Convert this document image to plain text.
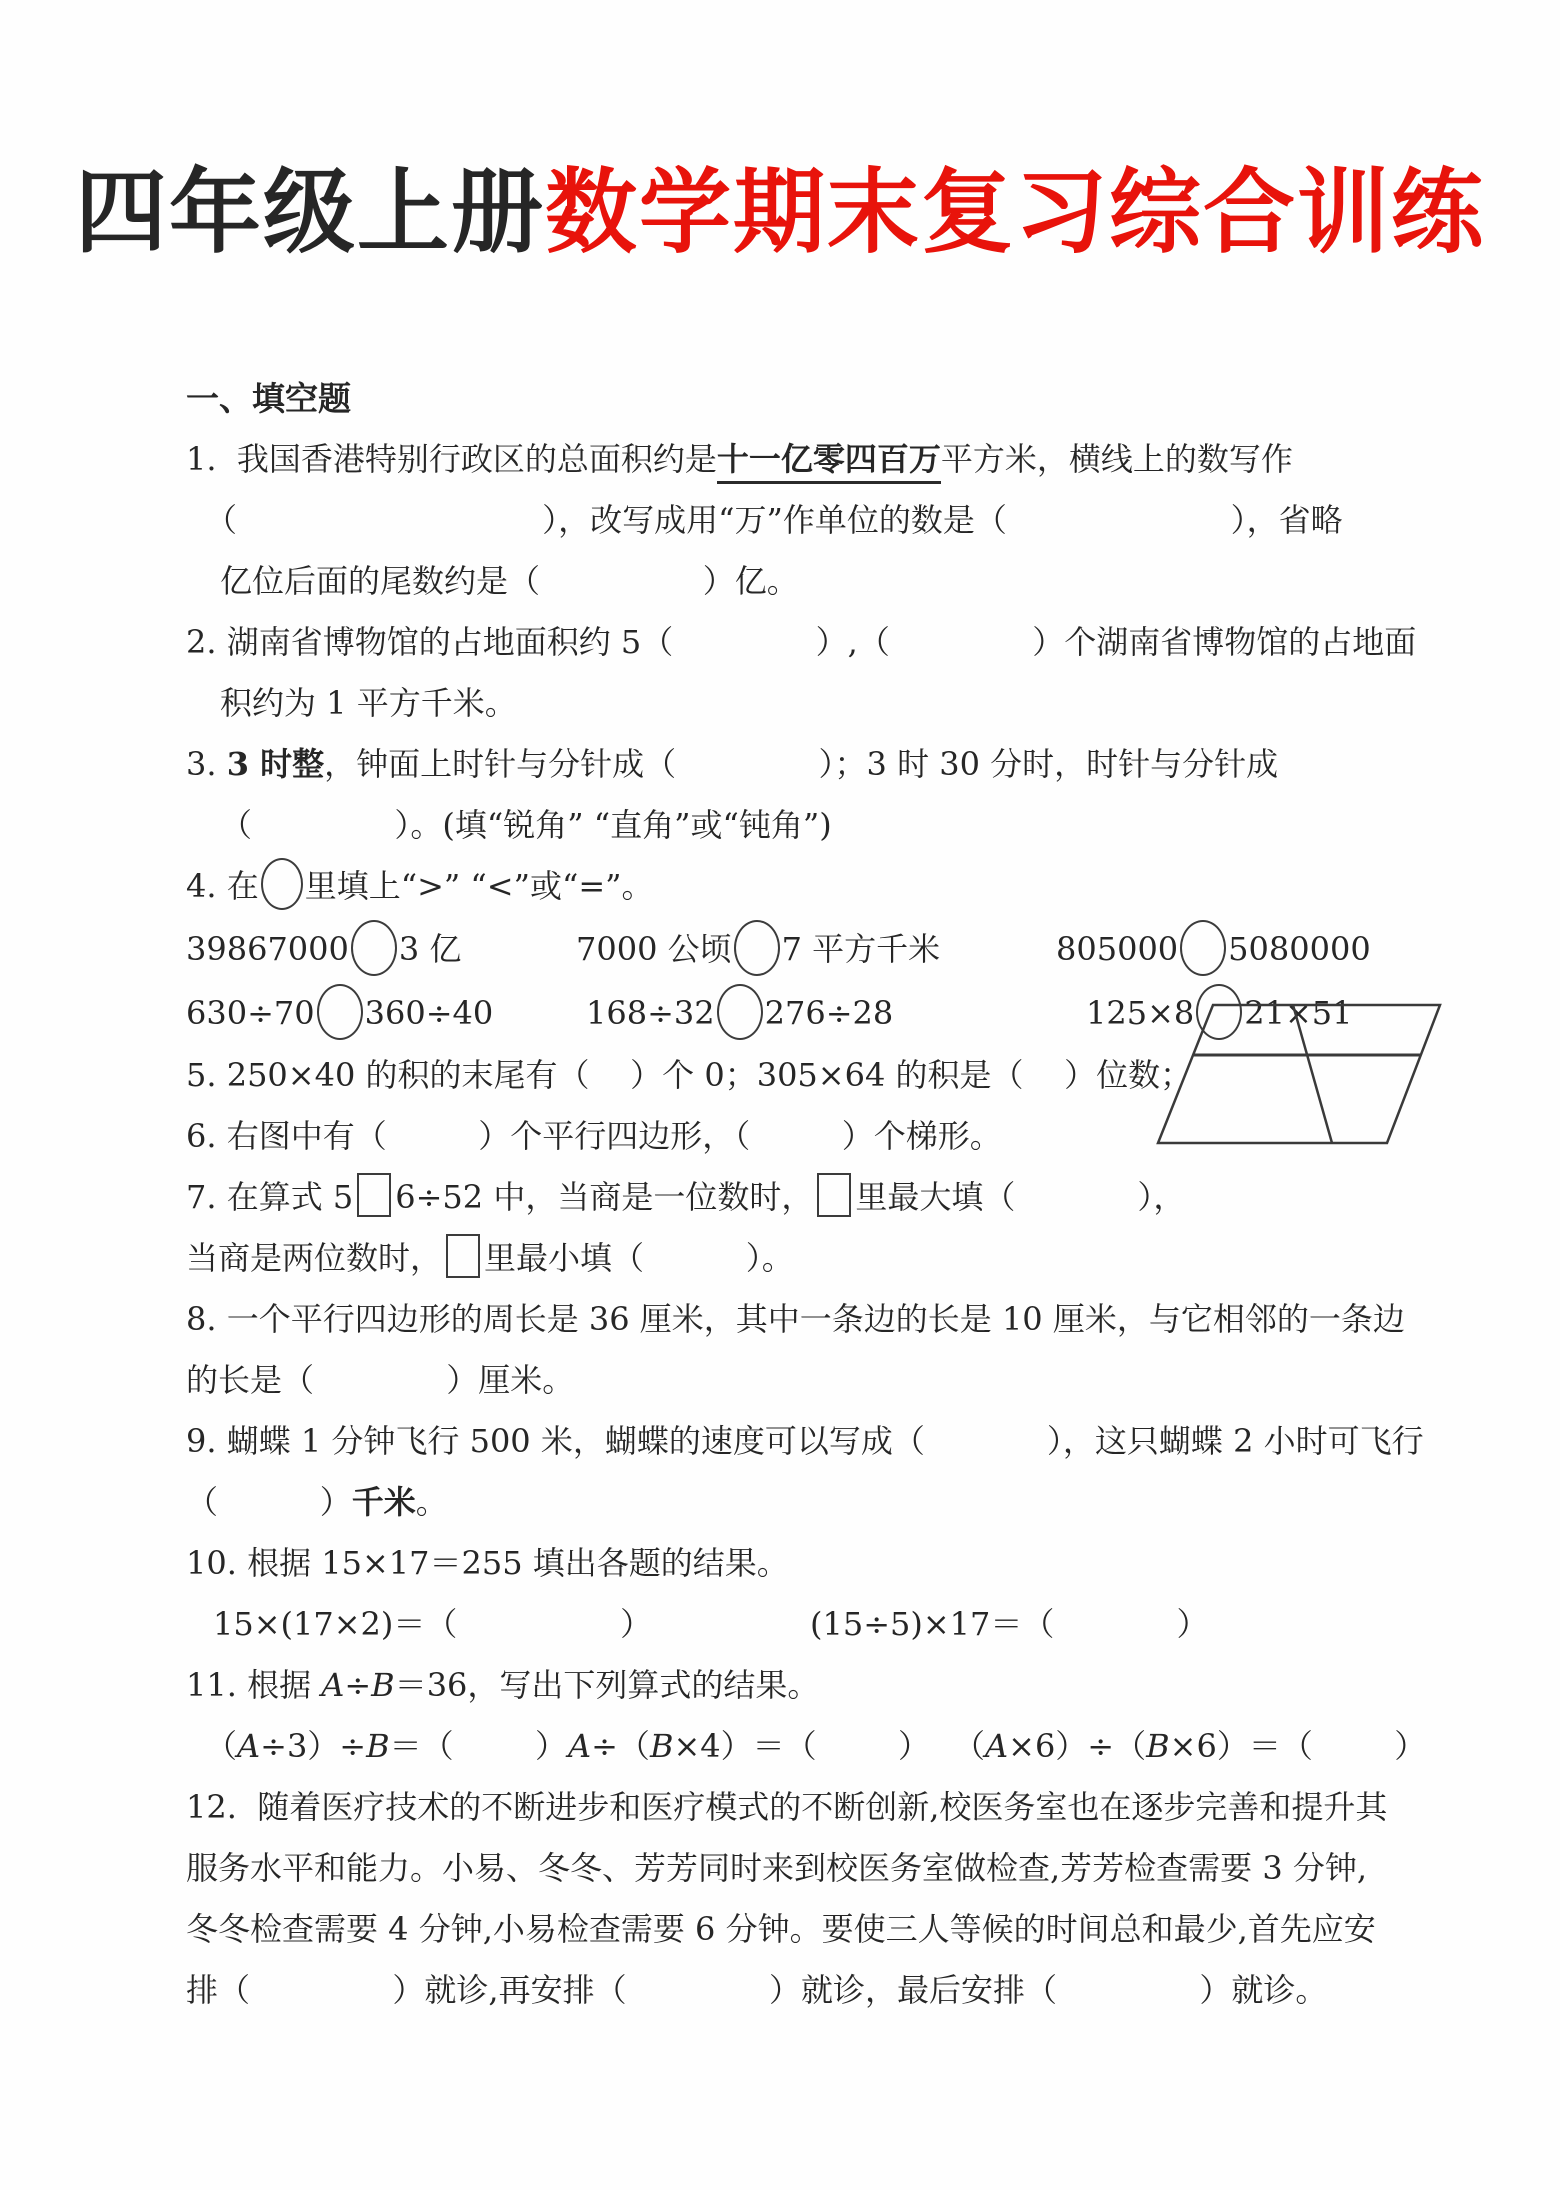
四年级上册数学期末复习综合训练
一、填空题
1.  我国香港特别行政区的总面积约是十一亿零四百万平方米，横线上的数写作
（                              ），改写成用“万”作单位的数是（                      ），省略
亿位后面的尾数约是（                ）亿。
2. 湖南省博物馆的占地面积约 5（              ）,（              ）个湖南省博物馆的占地面
积约为 1 平方千米。
3. 3 时整，钟面上时针与分针成（              ）；3 时 30 分时，时针与分针成
（              ）。(填“锐角” “直角”或“钝角”)
4. 在 里填上“>” “<”或“=”。

39867000 3 亿

	7000 公顷 7 平方千米

	805000 5080000

630÷70 360÷40

	168÷32 276÷28

	125×8 21×51

5. 250×40 的积的末尾有（    ）个 0；305×64 的积是（    ）位数；
6. 右图中有（         ）个平行四边形，（         ）个梯形。
7. 在算式 5 6÷52 中，当商是一位数时， 里最大填（            ），
当商是两位数时， 里最小填（          ）。
8. 一个平行四边形的周长是 36 厘米，其中一条边的长是 10 厘米，与它相邻的一条边
的长是（             ）厘米。
9. 蝴蝶 1 分钟飞行 500 米，蝴蝶的速度可以写成（            ），这只蝴蝶 2 小时可飞行
（          ）千米。
10. 根据 15×17＝255 填出各题的结果。

15×(17×2)＝（                ）

	(15÷5)×17＝（            ）

11. 根据 A÷B＝36，写出下列算式的结果。

（A÷3）÷B＝（        ）

A÷（B×4）＝（        ）

（A×6）÷（B×6）＝（        ）

12.  随着医疗技术的不断进步和医疗模式的不断创新,校医务室也在逐步完善和提升其
服务水平和能力。小易、冬冬、芳芳同时来到校医务室做检查,芳芳检查需要 3 分钟,
冬冬检查需要 4 分钟,小易检查需要 6 分钟。要使三人等候的时间总和最少,首先应安
排（              ）就诊,再安排（              ）就诊，最后安排（              ）就诊。
